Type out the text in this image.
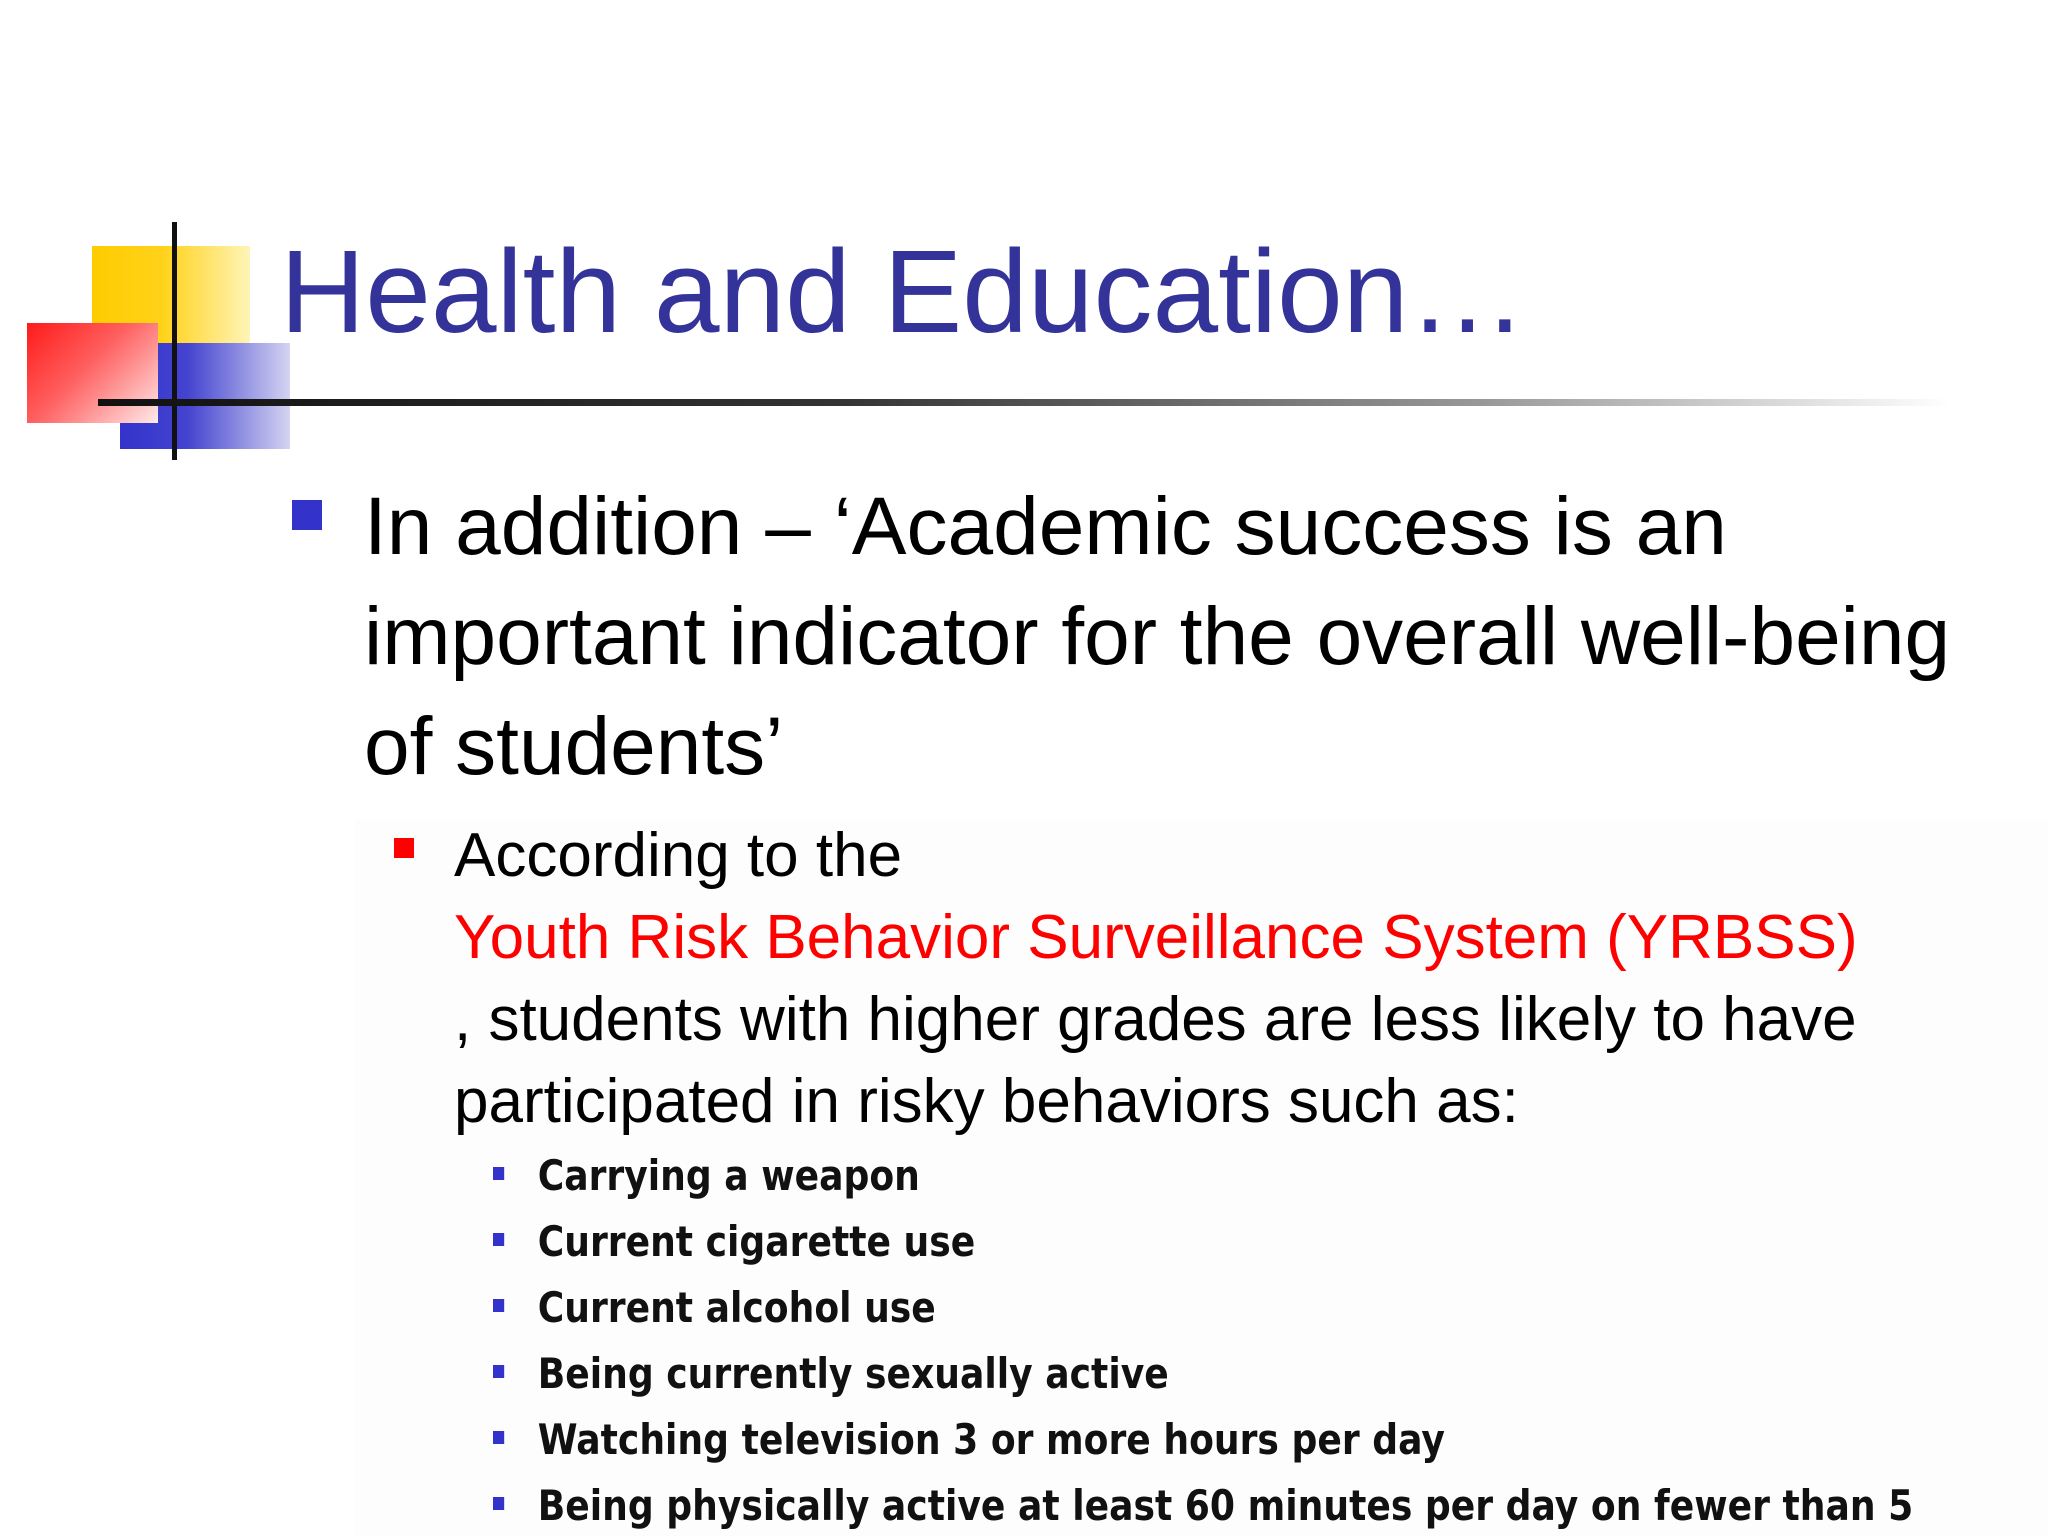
Health and Education…
In addition – ‘Academic success is an important indicator for the overall well-being of students’
According to the
Youth Risk Behavior Surveillance System (YRBSS)
, students with higher grades are less likely to have participated in risky behaviors such as:
Carrying a weapon
Current cigarette use
Current alcohol use
Being currently sexually active
Watching television 3 or more hours per day
Being physically active at least 60 minutes per day on fewer than 5
